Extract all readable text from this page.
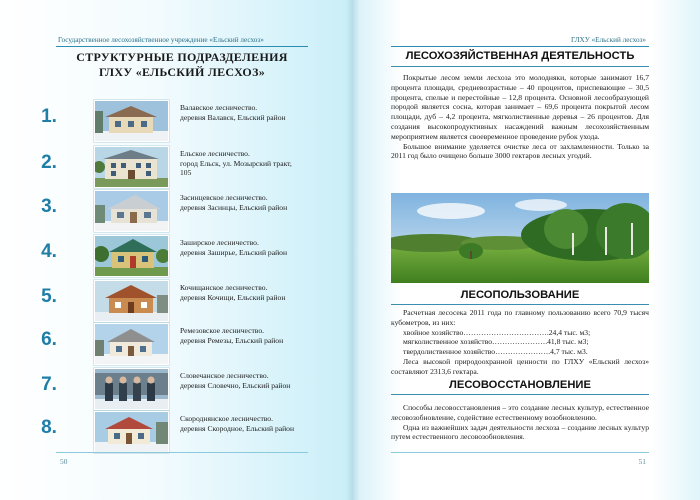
Государственное лесохозяйственное учреждение «Ельский лесхоз»
СТРУКТУРНЫЕ ПОДРАЗДЕЛЕНИЯ
ГЛХУ «ЕЛЬСКИЙ ЛЕСХОЗ»
1.	Валавское лесничество.
деревня Валавск, Ельский район
2.	Ельское лесничество.
город Ельск, ул. Мозырский тракт,
105
3.	Засинцевское лесничество.
деревня Засинцы, Ельский район
4.	Заширское лесничество.
деревня Заширье, Ельский район
5.	Кочищанское лесничество.
деревня Кочищи, Ельский район
6.	Ремезовское лесничество.
деревня Ремезы, Ельский район
7.	Словечанское лесничество.
деревня Словечно, Ельский район
8.	Скороднянское лесничество.
деревня Скородное, Ельский район
50
ГЛХУ «Ельский лесхоз»
ЛЕСОХОЗЯЙСТВЕННАЯ ДЕЯТЕЛЬНОСТЬ

Покрытые лесом земли лесхоза это молодняки, которые занимают 16,7 процента площади, средневозрастные – 40 процентов, приспевающие – 30,5 процента, спелые и перестойные – 12,8 процента. Основной лесообразующей породой является сосна, которая занимает – 69,6 процента покрытой лесом площади, дуб – 4,2 процента, мягколиственные деревья – 26 процентов. Для создания высокопродуктивных насаждений важным лесохозяйственным мероприятием является своевременное проведение рубок ухода.

Большое внимание уделяется очистке леса от захламленности. Только за 2011 год было очищено больше 3000 гектаров лесных угодий.

ЛЕСОПОЛЬЗОВАНИЕ

Расчетная лесосека 2011 года по главному пользованию всего 70,9 тысяч кубометров, из них:

хвойное хозяйство…………………………….24,4 тыс. м3;
мягколиственное хозяйство………………….41,8 тыс. м3;
твердолиственное хозяйство………………….4,7 тыс. м3.

Леса высокой природоохранной ценности по ГЛХУ «Ельский лесхоз» составляют 2313,6 гектара.

ЛЕСОВОССТАНОВЛЕНИЕ

Способы лесовосстановления – это создание лесных культур, естественное лесовозобновление, содействие естественному возобновлению.

Одна из важнейших задач деятельности лесхоза – создание лесных культур путем естественного лесовозобновления.

51
